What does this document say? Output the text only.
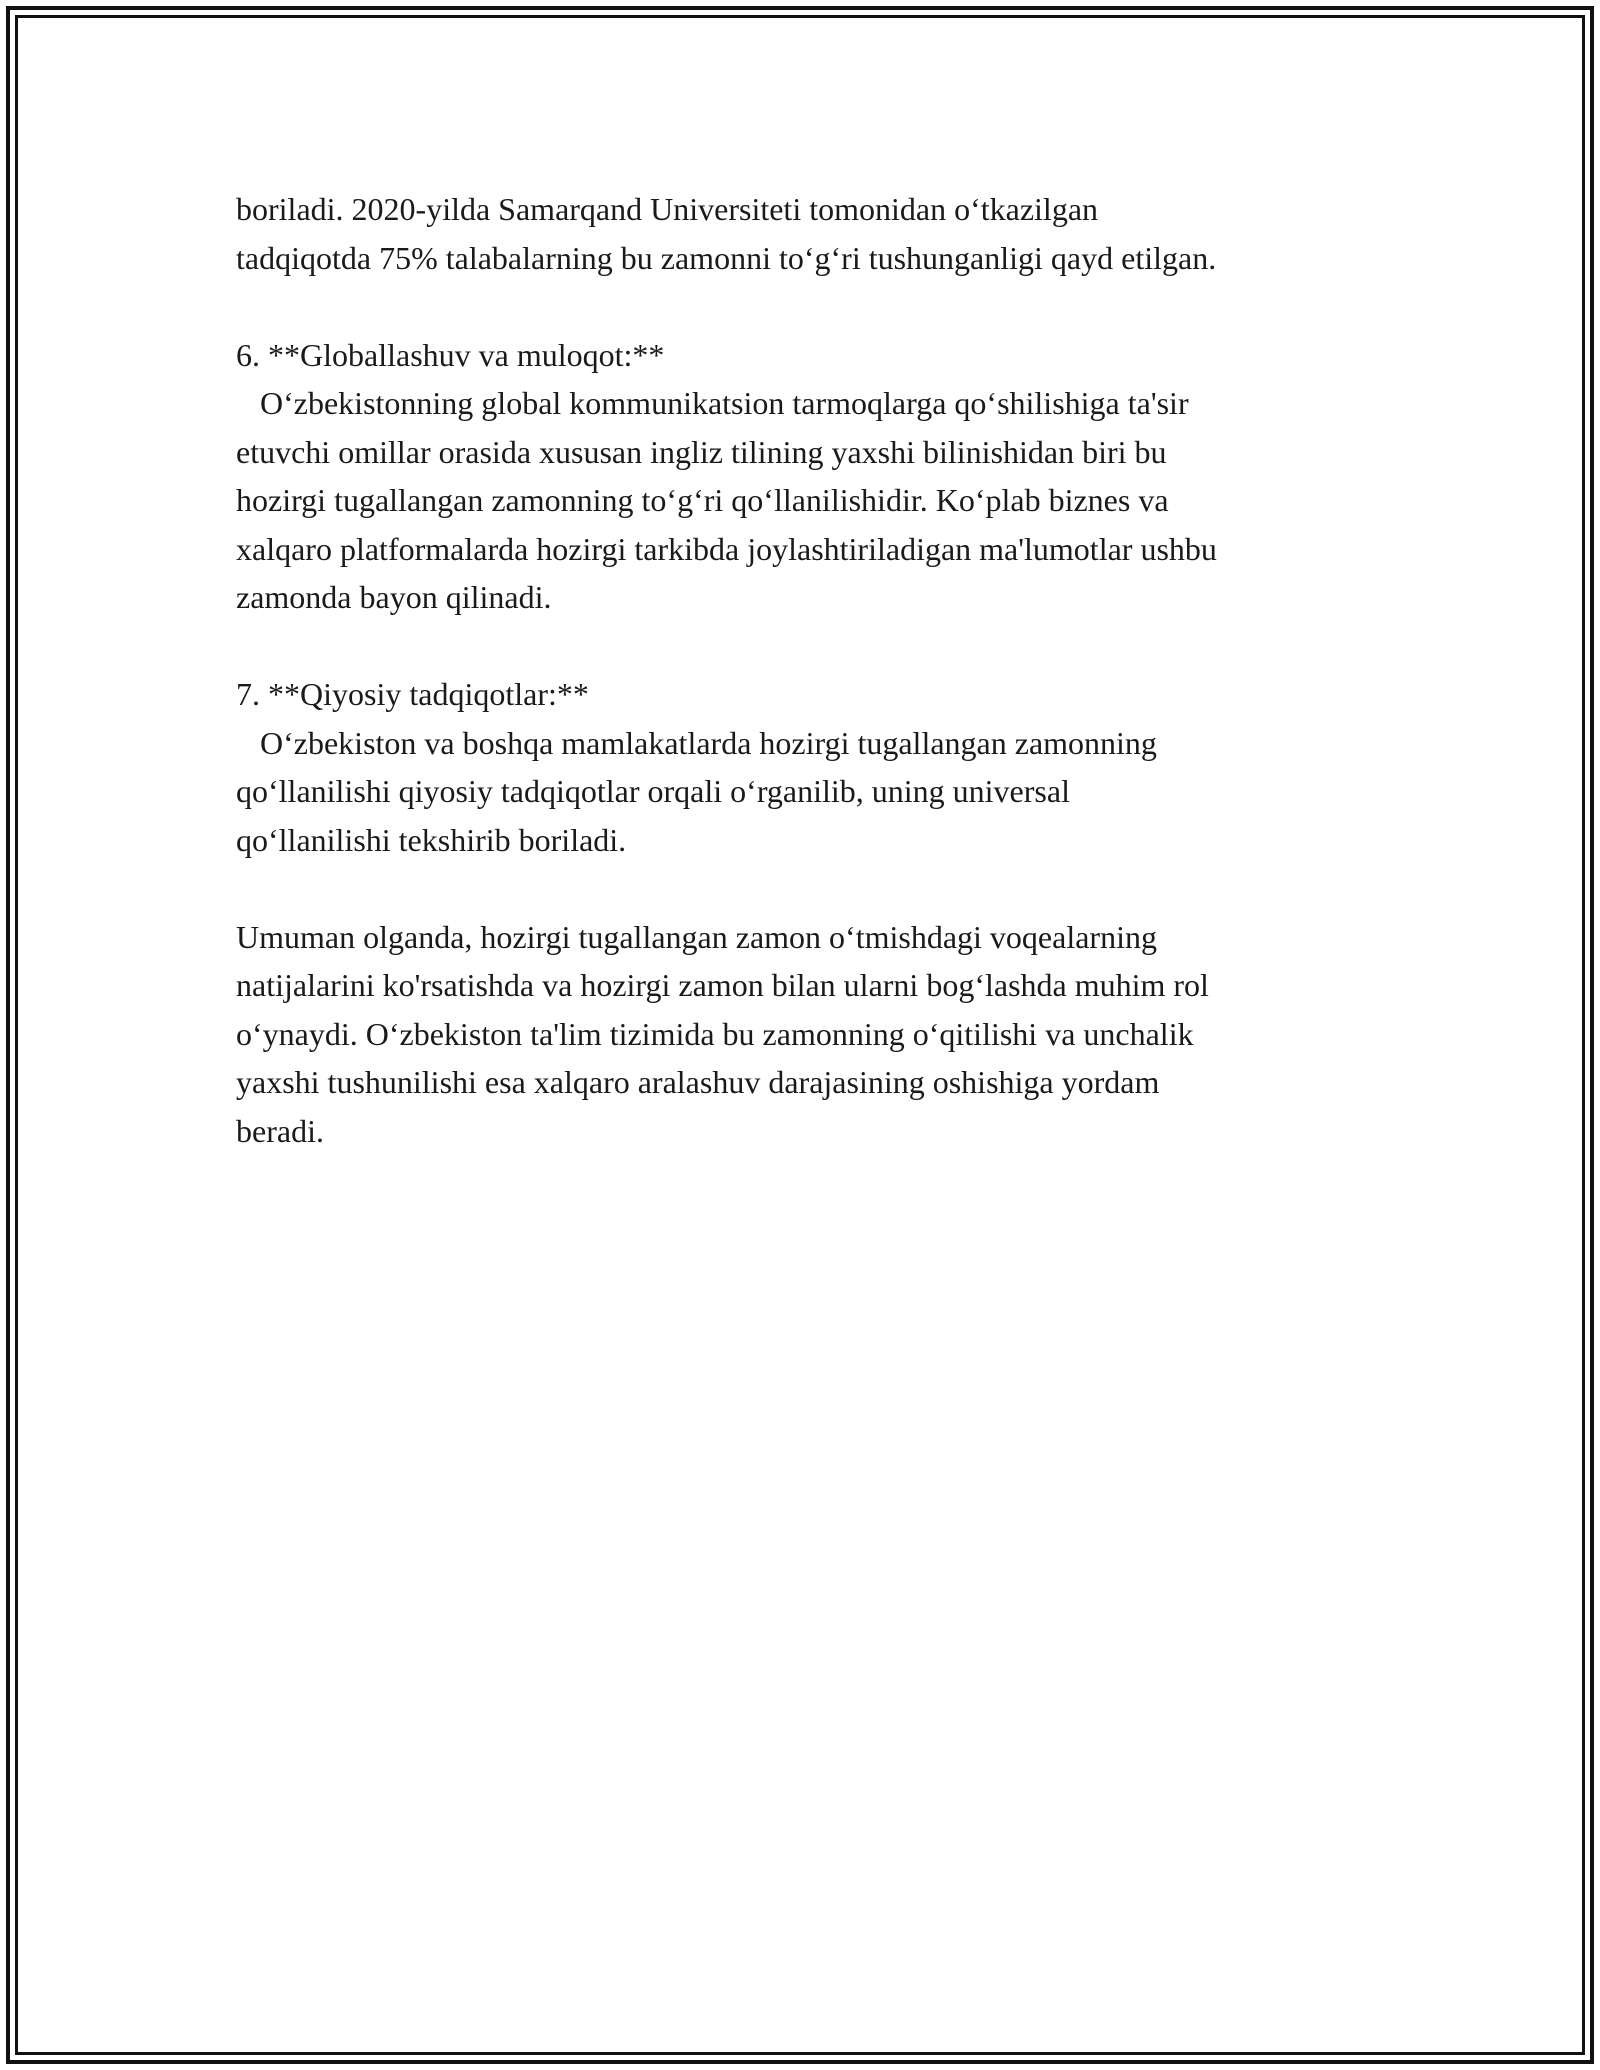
boriladi. 2020-yilda Samarqand Universiteti tomonidan o‘tkazilgan

tadqiqotda 75% talabalarning bu zamonni to‘g‘ri tushunganligi qayd etilgan.

6. **Globallashuv va muloqot:**

O‘zbekistonning global kommunikatsion tarmoqlarga qo‘shilishiga ta'sir

etuvchi omillar orasida xususan ingliz tilining yaxshi bilinishidan biri bu

hozirgi tugallangan zamonning to‘g‘ri qo‘llanilishidir. Ko‘plab biznes va

xalqaro platformalarda hozirgi tarkibda joylashtiriladigan ma'lumotlar ushbu

zamonda bayon qilinadi.

7. **Qiyosiy tadqiqotlar:**

O‘zbekiston va boshqa mamlakatlarda hozirgi tugallangan zamonning

qo‘llanilishi qiyosiy tadqiqotlar orqali o‘rganilib, uning universal

qo‘llanilishi tekshirib boriladi.

Umuman olganda, hozirgi tugallangan zamon o‘tmishdagi voqealarning

natijalarini ko'rsatishda va hozirgi zamon bilan ularni bog‘lashda muhim rol

o‘ynaydi. O‘zbekiston ta'lim tizimida bu zamonning o‘qitilishi va unchalik

yaxshi tushunilishi esa xalqaro aralashuv darajasining oshishiga yordam

beradi.
